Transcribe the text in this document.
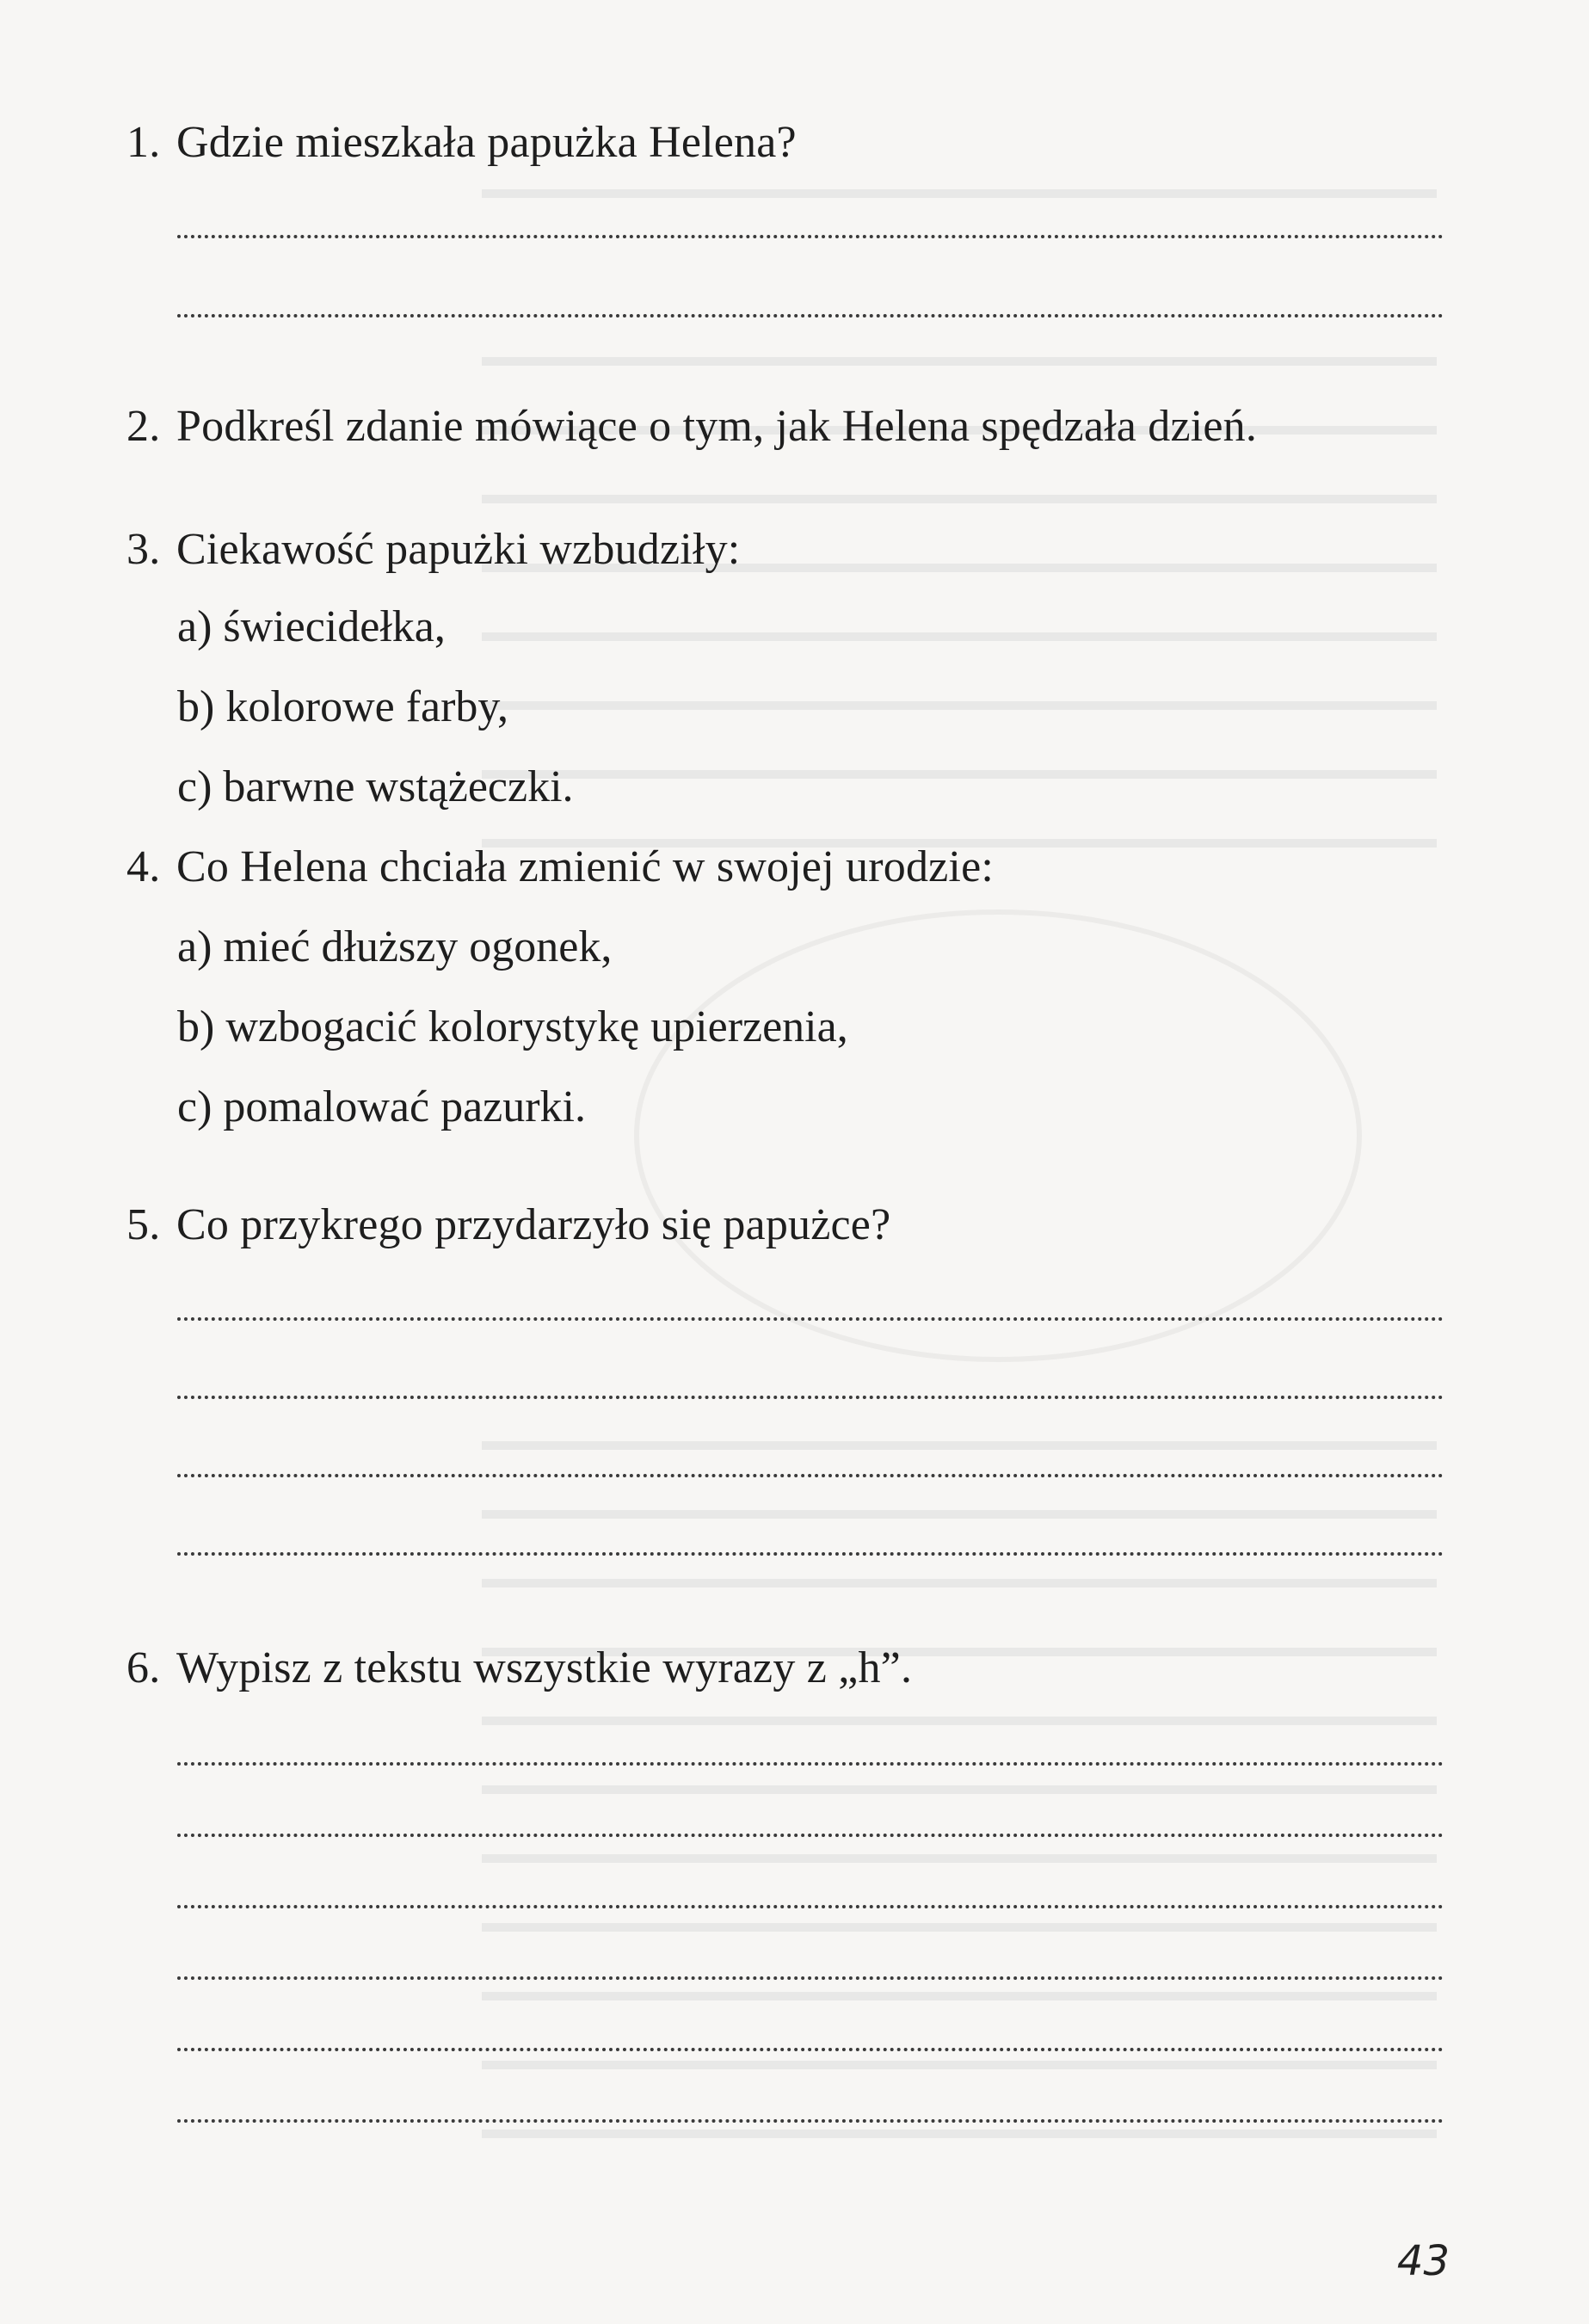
1. Gdzie mieszkała papużka Helena?
2. Podkreśl zdanie mówiące o tym, jak Helena spędzała dzień.
3. Ciekawość papużki wzbudziły:
a) świecidełka,
b) kolorowe farby,
c) barwne wstążeczki.
4. Co Helena chciała zmienić w swojej urodzie:
a) mieć dłuższy ogonek,
b) wzbogacić kolorystykę upierzenia,
c) pomalować pazurki.
5. Co przykrego przydarzyło się papużce?
6. Wypisz z tekstu wszystkie wyrazy z „h”.
43
